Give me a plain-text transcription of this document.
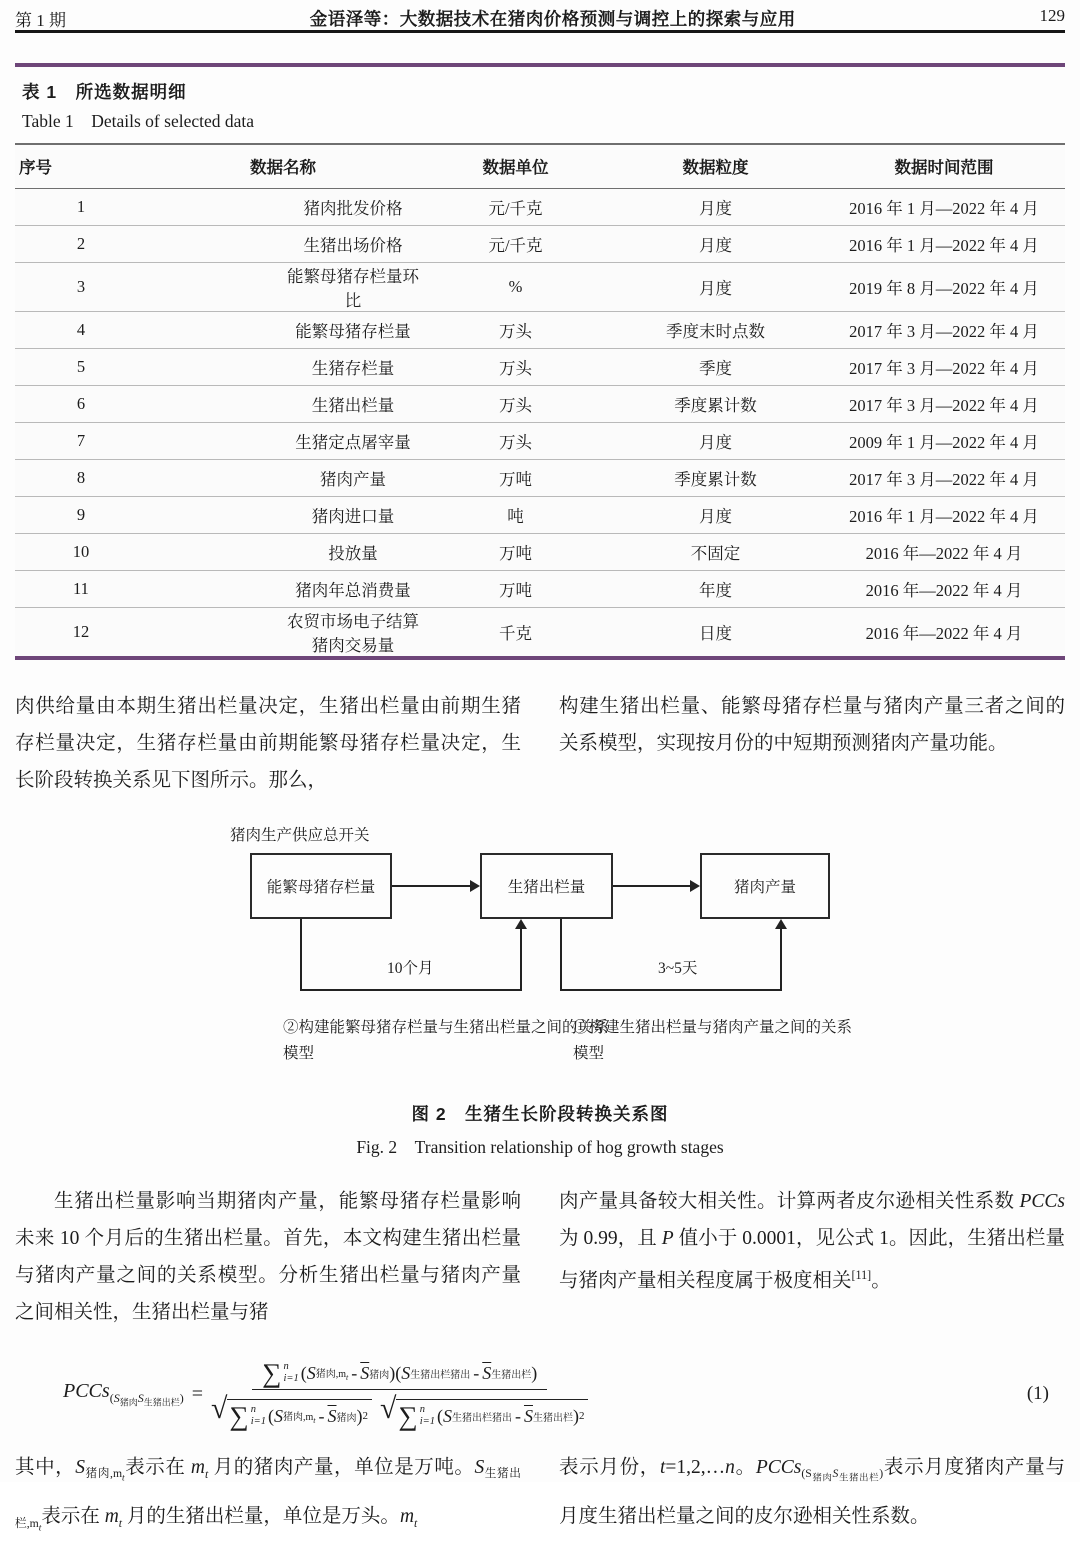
第 1 期	金语泽等：大数据技术在猪肉价格预测与调控上的探索与应用	129
表 1　所选数据明细
Table 1　Details of selected data
序号	数据名称	数据单位	数据粒度	数据时间范围
1	猪肉批发价格	元/千克	月度	2016 年 1 月—2022 年 4 月
2	生猪出场价格	元/千克	月度	2016 年 1 月—2022 年 4 月
3	能繁母猪存栏量环比	%	月度	2019 年 8 月—2022 年 4 月
4	能繁母猪存栏量	万头	季度末时点数	2017 年 3 月—2022 年 4 月
5	生猪存栏量	万头	季度	2017 年 3 月—2022 年 4 月
6	生猪出栏量	万头	季度累计数	2017 年 3 月—2022 年 4 月
7	生猪定点屠宰量	万头	月度	2009 年 1 月—2022 年 4 月
8	猪肉产量	万吨	季度累计数	2017 年 3 月—2022 年 4 月
9	猪肉进口量	吨	月度	2016 年 1 月—2022 年 4 月
10	投放量	万吨	不固定	2016 年—2022 年 4 月
11	猪肉年总消费量	万吨	年度	2016 年—2022 年 4 月
12	农贸市场电子结算猪肉交易量	千克	日度	2016 年—2022 年 4 月
肉供给量由本期生猪出栏量决定，生猪出栏量由前期生猪存栏量决定，生猪存栏量由前期能繁母猪存栏量决定，生长阶段转换关系见下图所示。那么，
构建生猪出栏量、能繁母猪存栏量与猪肉产量三者之间的关系模型，实现按月份的中短期预测猪肉产量功能。
猪肉生产供应总开关
能繁母猪存栏量	生猪出栏量	猪肉产量
10个月	3~5天
②构建能繁母猪存栏量与生猪出栏量之间的关系模型
①构建生猪出栏量与猪肉产量之间的关系模型
图 2　生猪生长阶段转换关系图
Fig. 2　Transition relationship of hog growth stages
生猪出栏量影响当期猪肉产量，能繁母猪存栏量影响未来 10 个月后的生猪出栏量。首先，本文构建生猪出栏量与猪肉产量之间的关系模型。分析生猪出栏量与猪肉产量之间相关性，生猪出栏量与猪
肉产量具备较大相关性。计算两者皮尔逊相关性系数 PCCs 为 0.99，且 P 值小于 0.0001，见公式 1。因此，生猪出栏量与猪肉产量相关程度属于极度相关[11]。
PCCs$_{(S_{猪肉}S_{生猪出栏})}$ =
∑ n
i=1 ( S 猪肉$,m_t - \overline{S}$ 猪肉 ) ( S 生猪出栏猪出 - $\overline{S}$ 生猪出栏 )
√ ∑ n
i=1 ( S 猪肉$,m_t - \overline{S}$ 猪肉 ) 2 √ ∑ n
i=1 ( S 生猪出栏猪出 - $\overline{S}$ 生猪出栏 ) 2
(1)
其中，$S_{猪肉,m_t}$表示在 $m_t$ 月的猪肉产量，单位是万吨。$S_{生猪出栏,m_t}$表示在 $m_t$ 月的生猪出栏量，单位是万头。$m_t$
表示月份，t=1,2,…n。PCCs$_{(S_{猪肉}S_{生猪出栏})}$表示月度猪肉产量与月度生猪出栏量之间的皮尔逊相关性系数。
